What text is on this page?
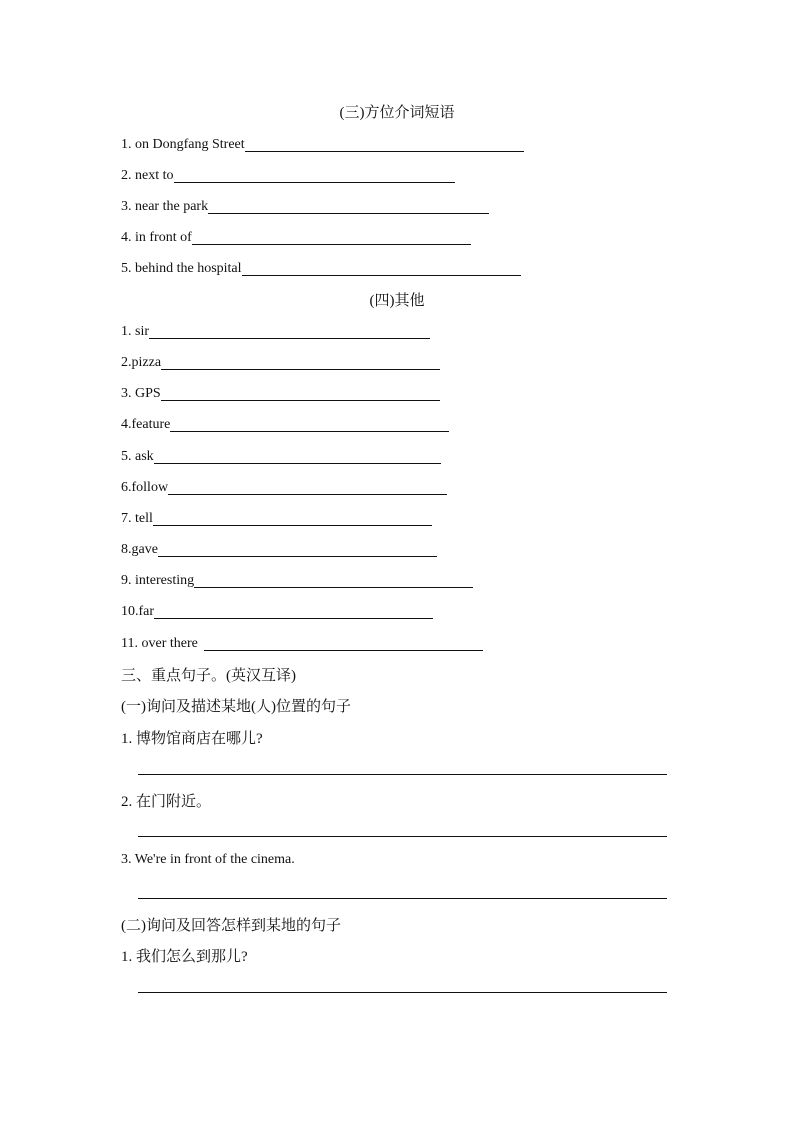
(三)方位介词短语
1. on Dongfang Street
2. next to
3. near the park
4. in front of
5. behind the hospital
(四)其他
1. sir
2.pizza
3. GPS
4.feature
5. ask
6.follow
7. tell
8.gave
9. interesting
10.far
11. over there
三、重点句子。(英汉互译)
(一)询问及描述某地(人)位置的句子
1. 博物馆商店在哪儿?
2. 在门附近。
3. We're in front of the cinema.
(二)询问及回答怎样到某地的句子
1. 我们怎么到那儿?
